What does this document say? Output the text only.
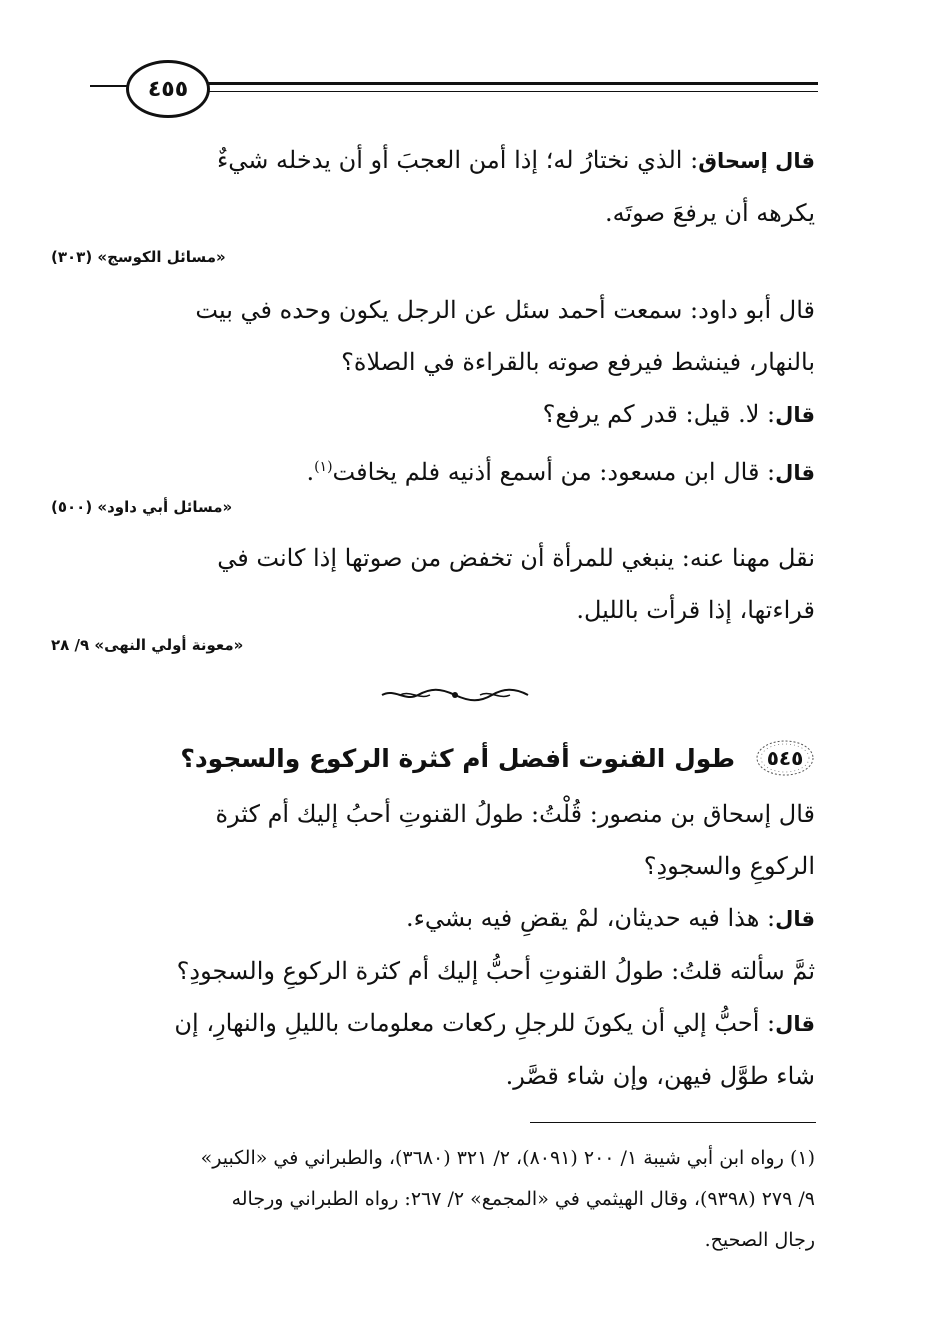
٤٥٥
قال إسحاق: الذي نختارُ له؛ إذا أمن العجبَ أو أن يدخله شيءٌ
يكرهه أن يرفعَ صوتَه.
«مسائل الكوسج» (٣٠٣)
قال أبو داود: سمعت أحمد سئل عن الرجل يكون وحده في بيت
بالنهار، فينشط فيرفع صوته بالقراءة في الصلاة؟
قال: لا. قيل: قدر كم يرفع؟
قال: قال ابن مسعود: من أسمع أذنيه فلم يخافت$^{(١)}$.
«مسائل أبي داود» (٥٠٠)
نقل مهنا عنه: ينبغي للمرأة أن تخفض من صوتها إذا كانت في
قراءتها، إذا قرأت بالليل.
«معونة أولي النهى» ٩/ ٢٨
٥٤٥
طول القنوت أفضل أم كثرة الركوع والسجود؟
قال إسحاق بن منصور: قُلْتُ: طولُ القنوتِ أحبُ إليك أم كثرة
الركوعِ والسجودِ؟
قال: هذا فيه حديثان، لمْ يقضِ فيه بشيء.
ثمَّ سألته قلتُ: طولُ القنوتِ أحبُّ إليك أم كثرة الركوعِ والسجودِ؟
قال: أحبُّ إلي أن يكونَ للرجلِ ركعات معلومات بالليلِ والنهارِ، إن
شاء طوَّل فيهن، وإن شاء قصَّر.
(١) رواه ابن أبي شيبة ١/ ٢٠٠ (٨٠٩١)، ٢/ ٣٢١ (٣٦٨٠)، والطبراني في «الكبير»
٩/ ٢٧٩ (٩٣٩٨)، وقال الهيثمي في «المجمع» ٢/ ٢٦٧: رواه الطبراني ورجاله
رجال الصحيح.
